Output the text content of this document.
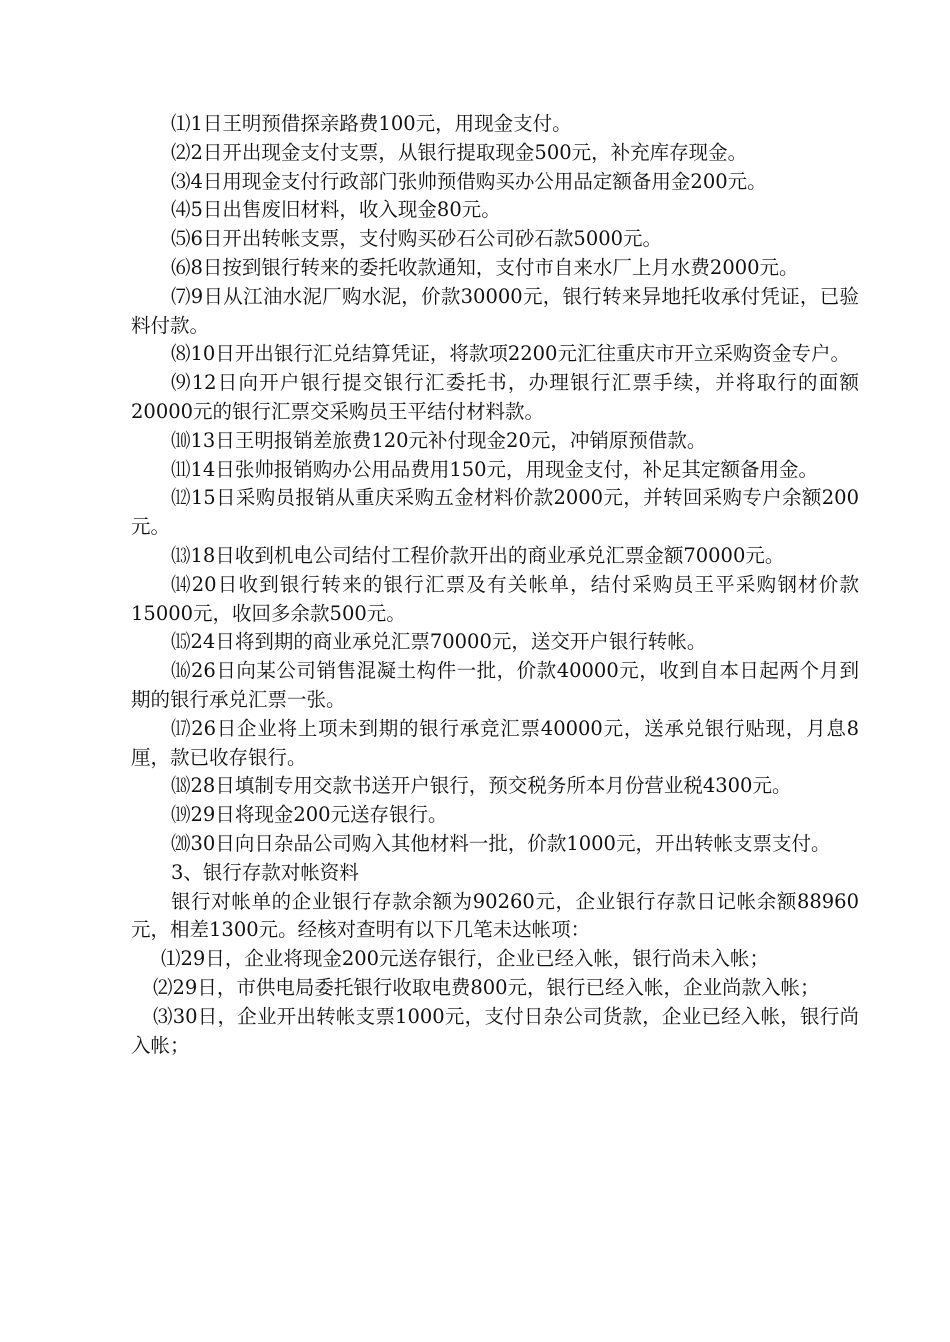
⑴1日王明预借探亲路费100元，用现金支付。

⑵2日开出现金支付支票，从银行提取现金500元，补充库存现金。

⑶4日用现金支付行政部门张帅预借购买办公用品定额备用金200元。

⑷5日出售废旧材料，收入现金80元。

⑸6日开出转帐支票，支付购买砂石公司砂石款5000元。

⑹8日按到银行转来的委托收款通知，支付市自来水厂上月水费2000元。

⑺9日从江油水泥厂购水泥，价款30000元，银行转来异地托收承付凭证，已验料付款。

⑻10日开出银行汇兑结算凭证，将款项2200元汇往重庆市开立采购资金专户。

⑼12日向开户银行提交银行汇委托书，办理银行汇票手续，并将取行的面额20000元的银行汇票交采购员王平结付材料款。

⑽13日王明报销差旅费120元补付现金20元，冲销原预借款。

⑾14日张帅报销购办公用品费用150元，用现金支付，补足其定额备用金。

⑿15日采购员报销从重庆采购五金材料价款2000元，并转回采购专户余额200元。

⒀18日收到机电公司结付工程价款开出的商业承兑汇票金额70000元。

⒁20日收到银行转来的银行汇票及有关帐单，结付采购员王平采购钢材价款15000元，收回多余款500元。

⒂24日将到期的商业承兑汇票70000元，送交开户银行转帐。

⒃26日向某公司销售混凝土构件一批，价款40000元，收到自本日起两个月到期的银行承兑汇票一张。

⒄26日企业将上项未到期的银行承竞汇票40000元，送承兑银行贴现，月息8厘，款已收存银行。

⒅28日填制专用交款书送开户银行，预交税务所本月份营业税4300元。

⒆29日将现金200元送存银行。

⒇30日向日杂品公司购入其他材料一批，价款1000元，开出转帐支票支付。

3、银行存款对帐资料

银行对帐单的企业银行存款余额为90260元，企业银行存款日记帐余额88960元，相差1300元。经核对查明有以下几笔未达帐项：

⑴29日，企业将现金200元送存银行，企业已经入帐，银行尚未入帐；

⑵29日，市供电局委托银行收取电费800元，银行已经入帐，企业尚款入帐；

⑶30日，企业开出转帐支票1000元，支付日杂公司货款，企业已经入帐，银行尚入帐；
